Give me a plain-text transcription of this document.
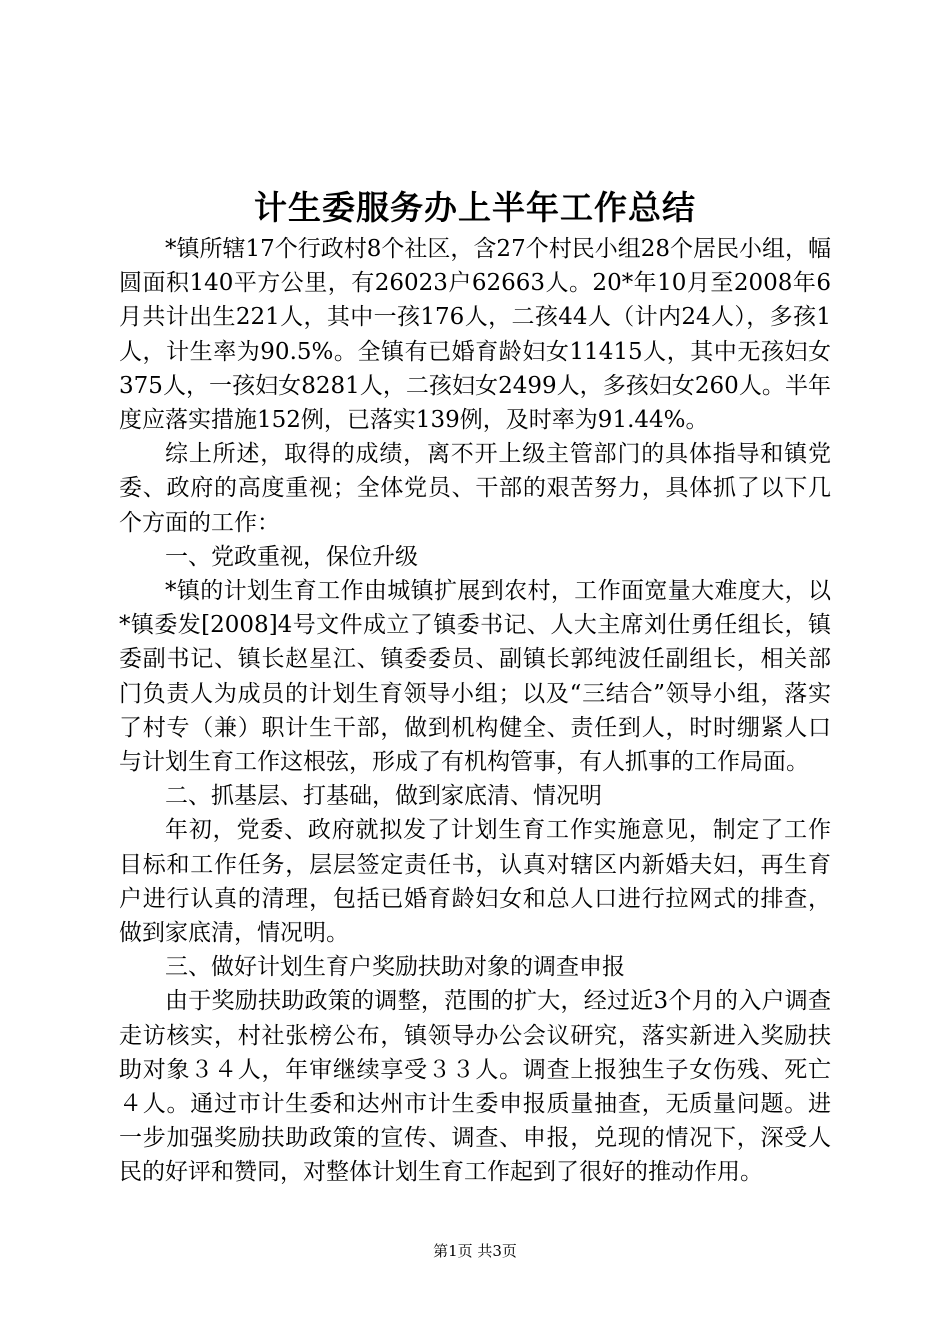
计生委服务办上半年工作总结

*镇所辖17个行政村8个社区，含27个村民小组28个居民小组，幅圆面积140平方公里，有26023户62663人。20*年10月至2008年6月共计出生221人，其中一孩176人，二孩44人（计内24人），多孩1人，计生率为90.5%。全镇有已婚育龄妇女11415人，其中无孩妇女375人，一孩妇女8281人，二孩妇女2499人，多孩妇女260人。半年度应落实措施152例，已落实139例，及时率为91.44%。

综上所述，取得的成绩，离不开上级主管部门的具体指导和镇党委、政府的高度重视；全体党员、干部的艰苦努力，具体抓了以下几个方面的工作：

一、党政重视，保位升级

*镇的计划生育工作由城镇扩展到农村，工作面宽量大难度大，以*镇委发[2008]4号文件成立了镇委书记、人大主席刘仕勇任组长，镇委副书记、镇长赵星江、镇委委员、副镇长郭纯波任副组长，相关部门负责人为成员的计划生育领导小组；以及“三结合”领导小组，落实了村专（兼）职计生干部，做到机构健全、责任到人，时时绷紧人口与计划生育工作这根弦，形成了有机构管事，有人抓事的工作局面。

二、抓基层、打基础，做到家底清、情况明

年初，党委、政府就拟发了计划生育工作实施意见，制定了工作目标和工作任务，层层签定责任书，认真对辖区内新婚夫妇，再生育户进行认真的清理，包括已婚育龄妇女和总人口进行拉网式的排查，做到家底清，情况明。

三、做好计划生育户奖励扶助对象的调查申报

由于奖励扶助政策的调整，范围的扩大，经过近3个月的入户调查走访核实，村社张榜公布，镇领导办公会议研究，落实新进入奖励扶助对象３４人，年审继续享受３３人。调查上报独生子女伤残、死亡４人。通过市计生委和达州市计生委申报质量抽查，无质量问题。进一步加强奖励扶助政策的宣传、调查、申报，兑现的情况下，深受人民的好评和赞同，对整体计划生育工作起到了很好的推动作用。

第1页 共3页
